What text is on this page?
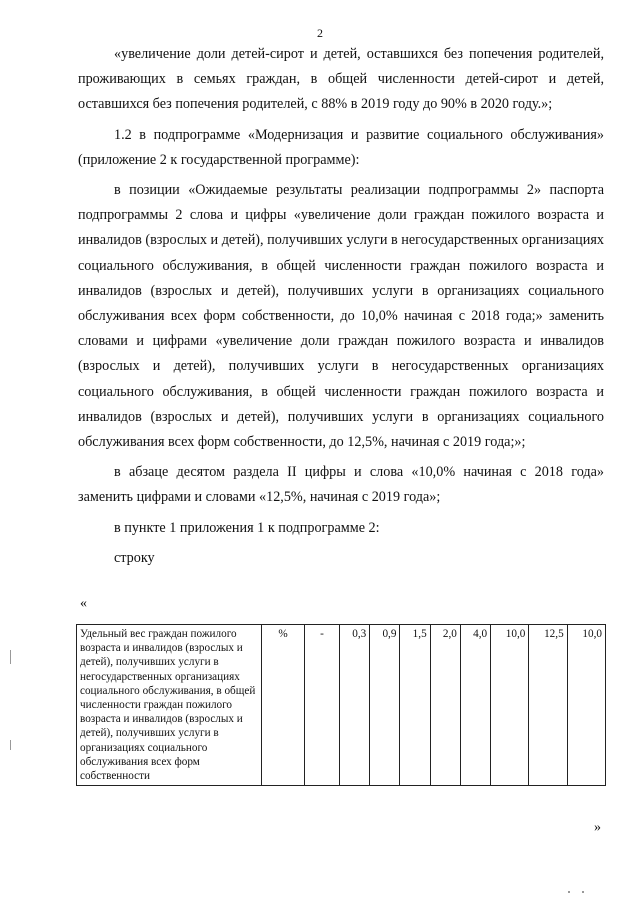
2

«увеличение доли детей-сирот и детей, оставшихся без попечения родителей, проживающих в семьях граждан, в общей численности детей-сирот и детей, оставшихся без попечения родителей, с 88% в 2019 году до 90% в 2020 году.»;

1.2 в подпрограмме «Модернизация и развитие социального обслуживания» (приложение 2 к государственной программе):

в позиции «Ожидаемые результаты реализации подпрограммы 2» паспорта подпрограммы 2 слова и цифры «увеличение доли граждан пожилого возраста и инвалидов (взрослых и детей), получивших услуги в негосударственных организациях социального обслуживания, в общей численности граждан пожилого возраста и инвалидов (взрослых и детей), получивших услуги в организациях социального обслуживания всех форм собственности, до 10,0% начиная с 2018 года;» заменить словами и цифрами «увеличение доли граждан пожилого возраста и инвалидов (взрослых и детей), получивших услуги в негосударственных организациях социального обслуживания, в общей численности граждан пожилого возраста и инвалидов (взрослых и детей), получивших услуги в организациях социального обслуживания всех форм собственности, до 12,5%, начиная с 2019 года;»;

в абзаце десятом раздела II цифры и слова «10,0% начиная с 2018 года» заменить цифрами и словами «12,5%, начиная с 2019 года»;

в пункте 1 приложения 1 к подпрограмме 2:

строку

«
Удельный вес граждан пожилого возраста и инвалидов (взрослых и детей), получивших услуги в негосударственных организациях социального обслуживания, в общей численности граждан пожилого возраста и инвалидов (взрослых и детей), получивших услуги в организациях социального обслуживания всех форм собственности	%	-	0,3	0,9	1,5	2,0	4,0	10,0	12,5	10,0
»
